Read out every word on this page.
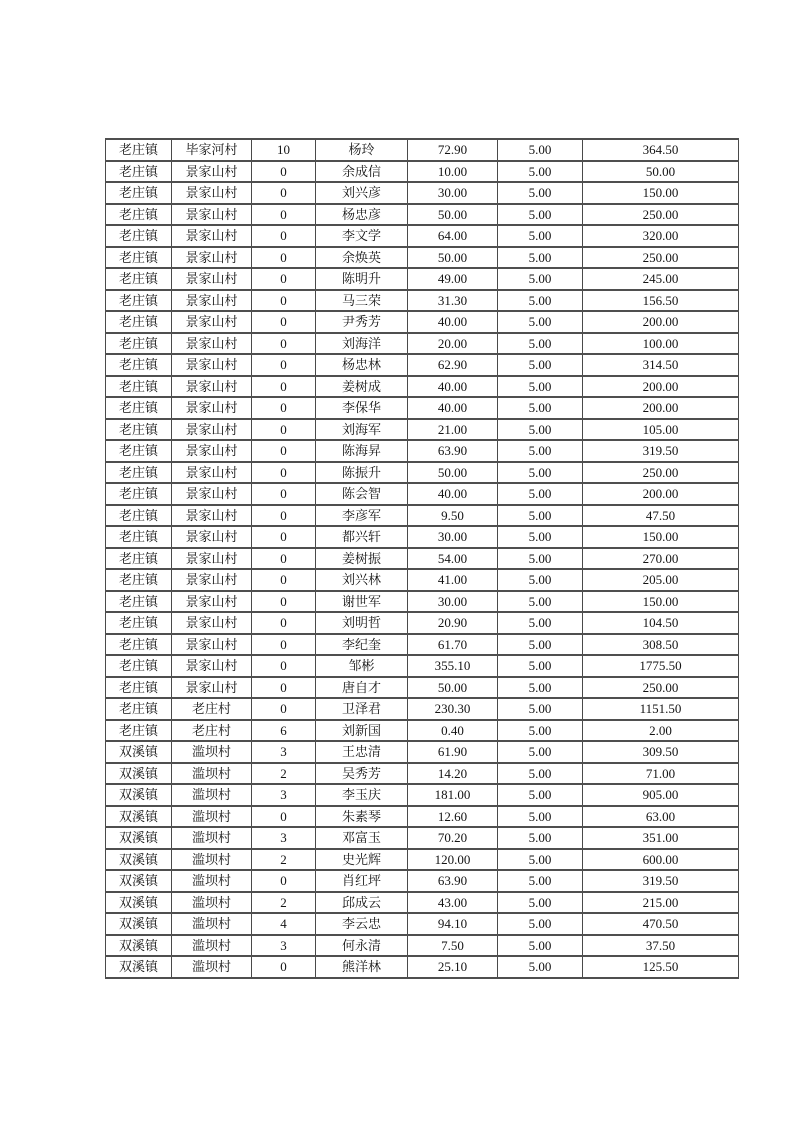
老庄镇	毕家河村	10	杨玲	72.90	5.00	364.50
老庄镇	景家山村	0	余成信	10.00	5.00	50.00
老庄镇	景家山村	0	刘兴彦	30.00	5.00	150.00
老庄镇	景家山村	0	杨忠彦	50.00	5.00	250.00
老庄镇	景家山村	0	李文学	64.00	5.00	320.00
老庄镇	景家山村	0	余焕英	50.00	5.00	250.00
老庄镇	景家山村	0	陈明升	49.00	5.00	245.00
老庄镇	景家山村	0	马三荣	31.30	5.00	156.50
老庄镇	景家山村	0	尹秀芳	40.00	5.00	200.00
老庄镇	景家山村	0	刘海洋	20.00	5.00	100.00
老庄镇	景家山村	0	杨忠林	62.90	5.00	314.50
老庄镇	景家山村	0	姜树成	40.00	5.00	200.00
老庄镇	景家山村	0	李保华	40.00	5.00	200.00
老庄镇	景家山村	0	刘海军	21.00	5.00	105.00
老庄镇	景家山村	0	陈海昇	63.90	5.00	319.50
老庄镇	景家山村	0	陈振升	50.00	5.00	250.00
老庄镇	景家山村	0	陈会智	40.00	5.00	200.00
老庄镇	景家山村	0	李彦军	9.50	5.00	47.50
老庄镇	景家山村	0	都兴轩	30.00	5.00	150.00
老庄镇	景家山村	0	姜树振	54.00	5.00	270.00
老庄镇	景家山村	0	刘兴林	41.00	5.00	205.00
老庄镇	景家山村	0	谢世军	30.00	5.00	150.00
老庄镇	景家山村	0	刘明哲	20.90	5.00	104.50
老庄镇	景家山村	0	李纪奎	61.70	5.00	308.50
老庄镇	景家山村	0	邹彬	355.10	5.00	1775.50
老庄镇	景家山村	0	唐自才	50.00	5.00	250.00
老庄镇	老庄村	0	卫泽君	230.30	5.00	1151.50
老庄镇	老庄村	6	刘新国	0.40	5.00	2.00
双溪镇	滥坝村	3	王忠清	61.90	5.00	309.50
双溪镇	滥坝村	2	吴秀芳	14.20	5.00	71.00
双溪镇	滥坝村	3	李玉庆	181.00	5.00	905.00
双溪镇	滥坝村	0	朱素琴	12.60	5.00	63.00
双溪镇	滥坝村	3	邓富玉	70.20	5.00	351.00
双溪镇	滥坝村	2	史光辉	120.00	5.00	600.00
双溪镇	滥坝村	0	肖红坪	63.90	5.00	319.50
双溪镇	滥坝村	2	邱成云	43.00	5.00	215.00
双溪镇	滥坝村	4	李云忠	94.10	5.00	470.50
双溪镇	滥坝村	3	何永清	7.50	5.00	37.50
双溪镇	滥坝村	0	熊洋林	25.10	5.00	125.50
